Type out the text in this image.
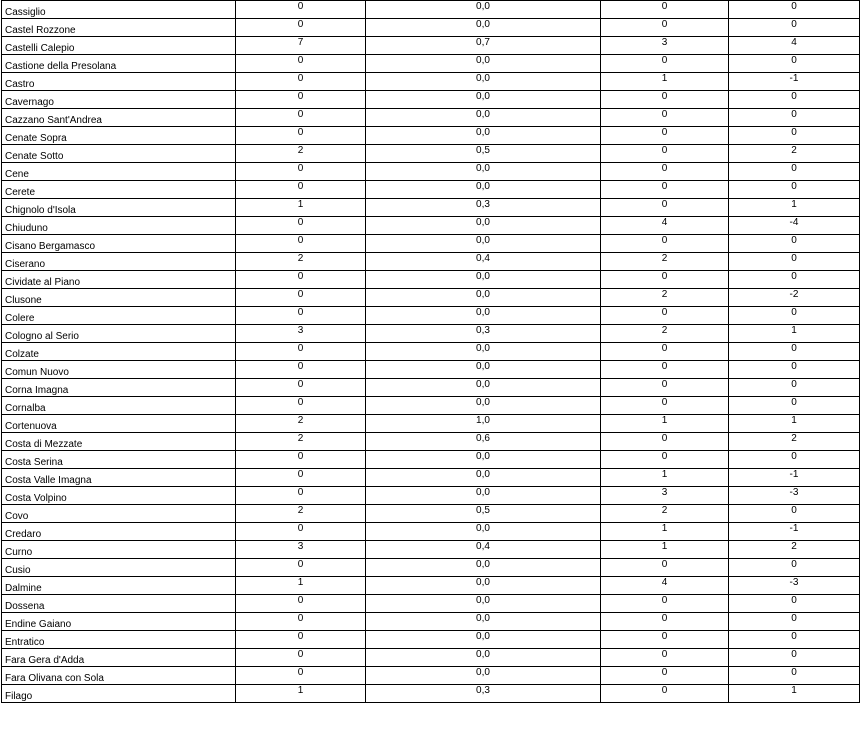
Cassiglio	0	0,0	0	0
Castel Rozzone	0	0,0	0	0
Castelli Calepio	7	0,7	3	4
Castione della Presolana	0	0,0	0	0
Castro	0	0,0	1	-1
Cavernago	0	0,0	0	0
Cazzano Sant'Andrea	0	0,0	0	0
Cenate Sopra	0	0,0	0	0
Cenate Sotto	2	0,5	0	2
Cene	0	0,0	0	0
Cerete	0	0,0	0	0
Chignolo d'Isola	1	0,3	0	1
Chiuduno	0	0,0	4	-4
Cisano Bergamasco	0	0,0	0	0
Ciserano	2	0,4	2	0
Cividate al Piano	0	0,0	0	0
Clusone	0	0,0	2	-2
Colere	0	0,0	0	0
Cologno al Serio	3	0,3	2	1
Colzate	0	0,0	0	0
Comun Nuovo	0	0,0	0	0
Corna Imagna	0	0,0	0	0
Cornalba	0	0,0	0	0
Cortenuova	2	1,0	1	1
Costa di Mezzate	2	0,6	0	2
Costa Serina	0	0,0	0	0
Costa Valle Imagna	0	0,0	1	-1
Costa Volpino	0	0,0	3	-3
Covo	2	0,5	2	0
Credaro	0	0,0	1	-1
Curno	3	0,4	1	2
Cusio	0	0,0	0	0
Dalmine	1	0,0	4	-3
Dossena	0	0,0	0	0
Endine Gaiano	0	0,0	0	0
Entratico	0	0,0	0	0
Fara Gera d'Adda	0	0,0	0	0
Fara Olivana con Sola	0	0,0	0	0
Filago	1	0,3	0	1
